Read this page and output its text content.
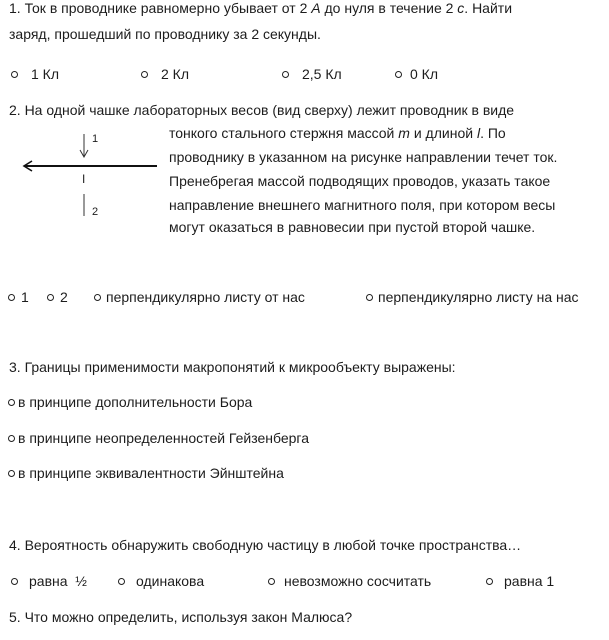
1. Ток в проводнике равномерно убывает от 2 А до нуля в течение 2 с. Найти
заряд, прошедший по проводнику за 2 секунды.
1 Кл	2 Кл	2,5 Кл	0 Кл
2. На одной чашке лабораторных весов (вид сверху) лежит проводник в виде
тонкого стального стержня массой m и длиной l. По
проводнику в указанном на рисунке направлении течет ток.
Пренебрегая массой подводящих проводов, указать такое
направление внешнего магнитного поля, при котором весы
могут оказаться в равновесии при пустой второй чашке.
1
I
2
1 2	перпендикулярно листу от нас	перпендикулярно листу на нас
3. Границы применимости макропонятий к микрообъекту выражены:
в принципе дополнительности Бора
в принципе неопределенностей Гейзенберга
в принципе эквивалентности Эйнштейна
4. Вероятность обнаружить свободную частицу в любой точке пространства…
равна  ½	одинакова	невозможно сосчитать	равна 1
5. Что можно определить, используя закон Малюса?
